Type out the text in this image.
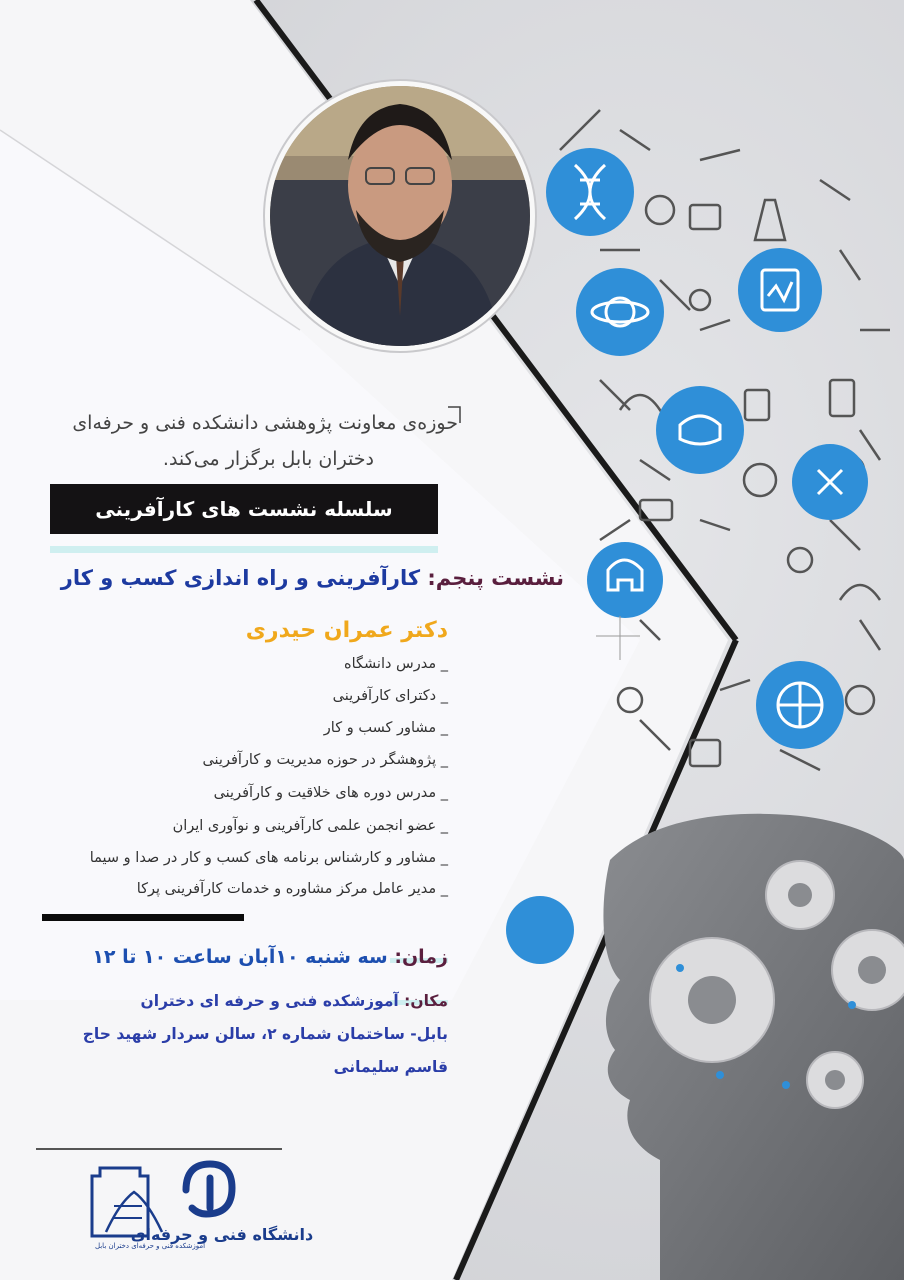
آموزشکده فنی و حرفه‌ای دختران بابل
دانشگاه فنی و حرفه‌ای
حوزه‌ی معاونت پژوهشی دانشکده فنی و حرفه‌ای
دختران بابل برگزار می‌کند.
سلسله نشست های کارآفرینی
نشست پنجم: کارآفرینی و راه اندازی کسب و کار
دکتر عمران حیدری
_ مدرس دانشگاه
_ دکترای کارآفرینی
_ مشاور کسب و کار
_ پژوهشگر در حوزه مدیریت و کارآفرینی
_ مدرس دوره های خلاقیت و کارآفرینی
_ عضو انجمن علمی کارآفرینی و نوآوری ایران
_ مشاور و کارشناس برنامه های کسب و کار در صدا و سیما
_ مدیر عامل مرکز مشاوره و خدمات کارآفرینی پرکا
زمان: سه شنبه ۱۰آبان ساعت ۱۰ تا ۱۲
مکان: آموزشکده فنی و حرفه ای دختران
بابل- ساختمان شماره ۲، سالن سردار شهید حاج
قاسم سلیمانی
